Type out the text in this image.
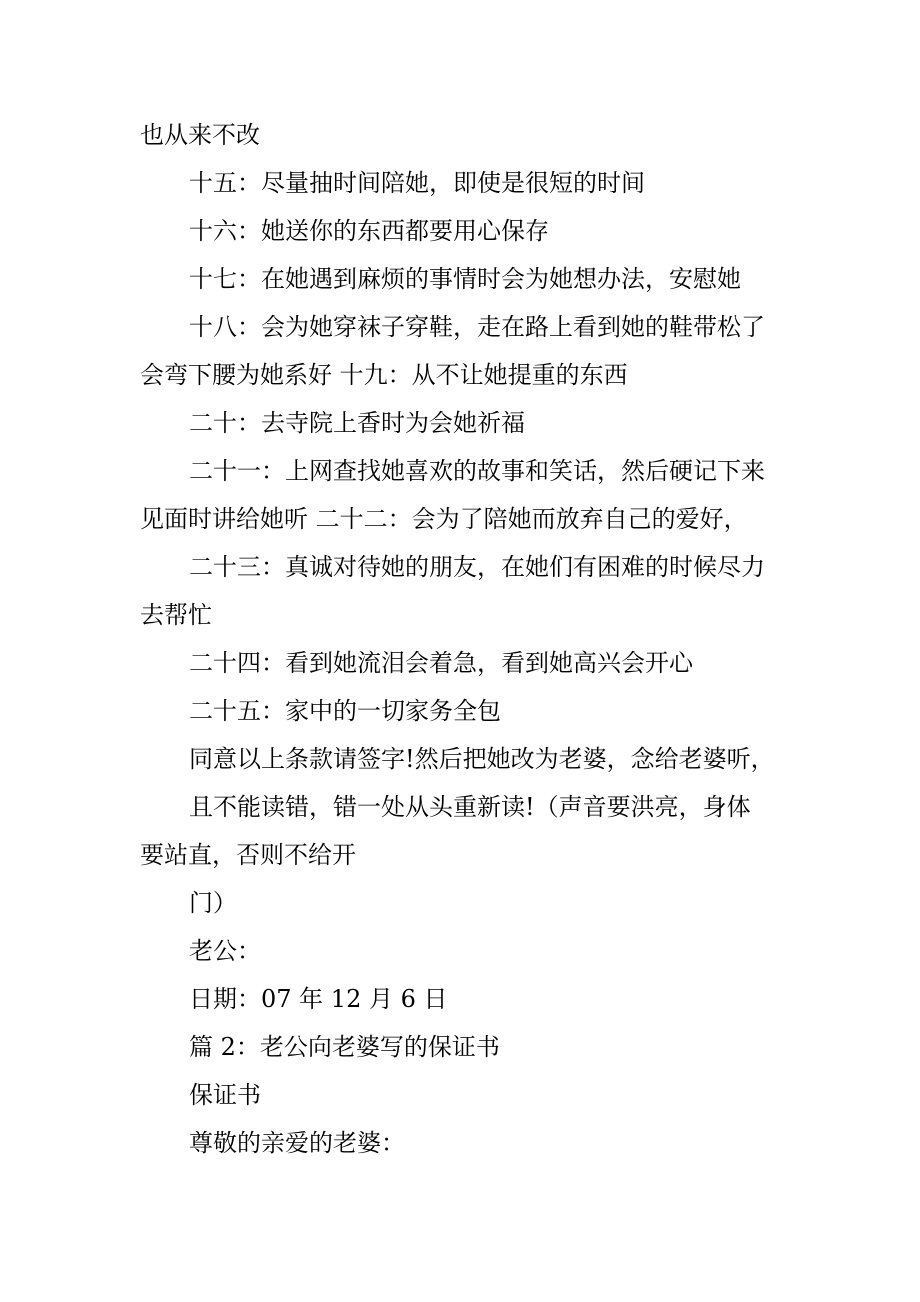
也从来不改
十五：尽量抽时间陪她，即使是很短的时间
十六：她送你的东西都要用心保存
十七：在她遇到麻烦的事情时会为她想办法，安慰她
十八：会为她穿袜子穿鞋，走在路上看到她的鞋带松了
会弯下腰为她系好 十九：从不让她提重的东西
二十：去寺院上香时为会她祈福
二十一：上网查找她喜欢的故事和笑话，然后硬记下来
见面时讲给她听 二十二：会为了陪她而放弃自己的爱好，
二十三：真诚对待她的朋友，在她们有困难的时候尽力
去帮忙
二十四：看到她流泪会着急，看到她高兴会开心
二十五：家中的一切家务全包
同意以上条款请签字!然后把她改为老婆，念给老婆听，
且不能读错，错一处从头重新读!（声音要洪亮，身体
要站直，否则不给开
门）
老公：
日期：07 年 12 月 6 日
篇 2：老公向老婆写的保证书
保证书
尊敬的亲爱的老婆：
